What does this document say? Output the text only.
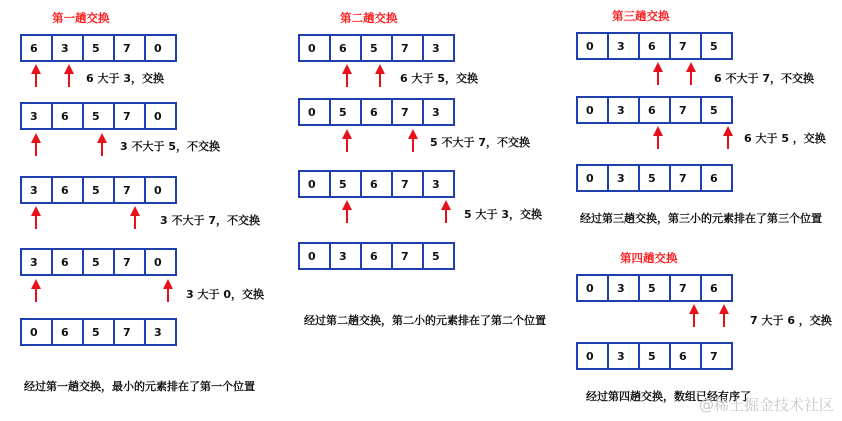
第一趟交换
6	3	5	7	0
6 大于 3，交换
3	6	5	7	0
3 不大于 5，不交换
3	6	5	7	0
3 不大于 7，不交换
3	6	5	7	0
3 大于 0，交换
0	6	5	7	3
经过第一趟交换，最小的元素排在了第一个位置
第二趟交换
0	6	5	7	3
6 大于 5，交换
0	5	6	7	3
5 不大于 7，不交换
0	5	6	7	3
5 大于 3，交换
0	3	6	7	5
经过第二趟交换，第二小的元素排在了第二个位置
第三趟交换
0	3	6	7	5
6 不大于 7，不交换
0	3	6	7	5
6 大于 5 ，交换
0	3	5	7	6
经过第三趟交换，第三小的元素排在了第三个位置
第四趟交换
0	3	5	7	6
7 大于 6 ，交换
0	3	5	6	7
经过第四趟交换，数组已经有序了
@稀土掘金技术社区
